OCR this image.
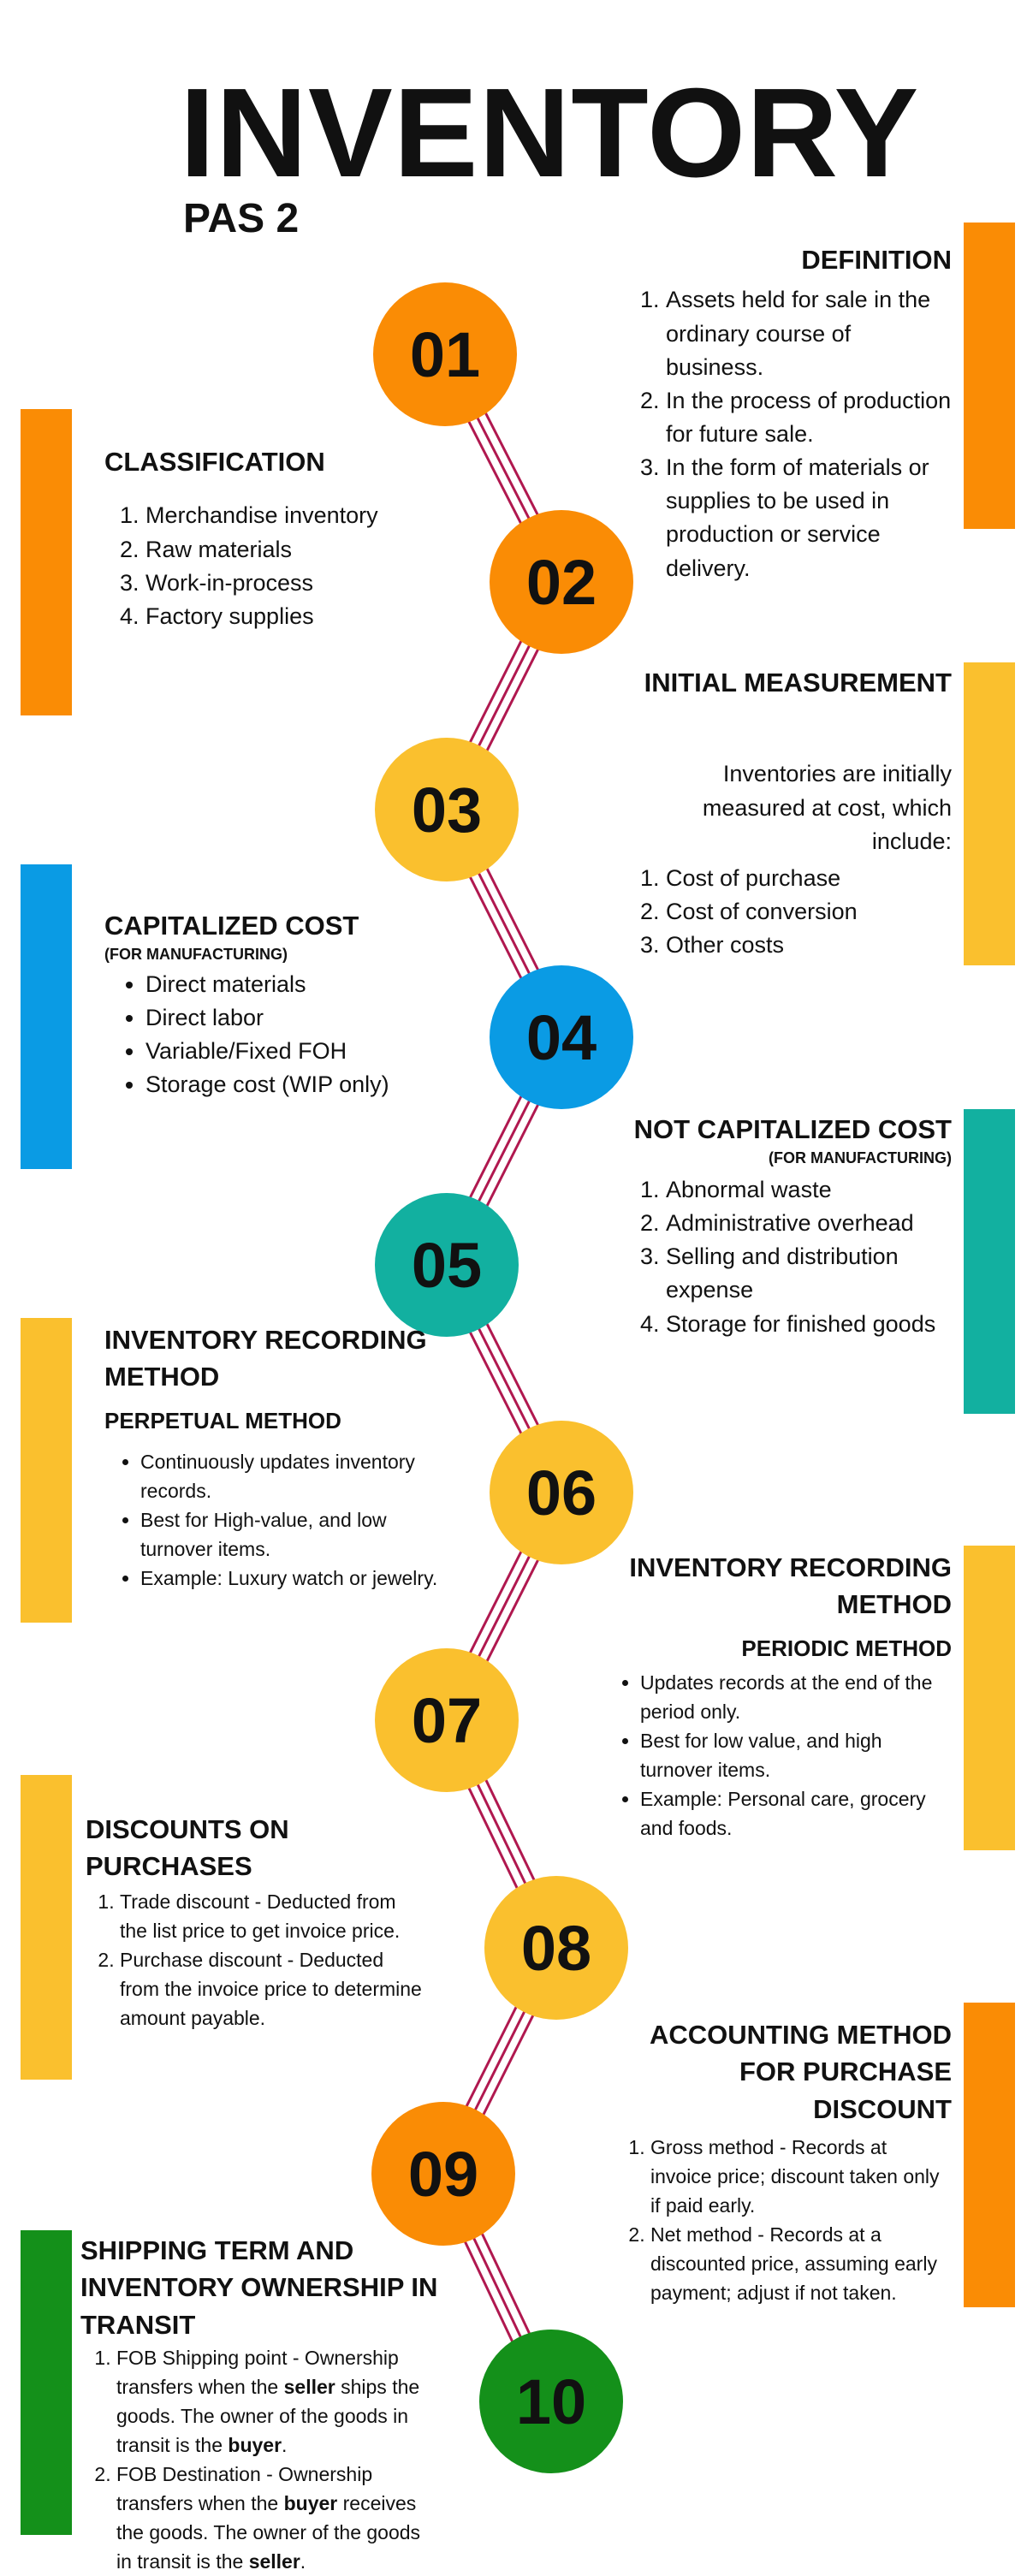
INVENTORY
PAS 2
01
02
03
04
05
06
07
08
09
10
DEFINITION
1. Assets held for sale in the ordinary course of business.
2. In the process of production for future sale.
3. In the form of materials or supplies to be used in production or service delivery.
CLASSIFICATION
1. Merchandise inventory
2. Raw materials
3. Work-in-process
4. Factory supplies
INITIAL MEASUREMENT
Inventories are initially measured at cost, which include:
1. Cost of purchase
2. Cost of conversion
3. Other costs
CAPITALIZED COST
(FOR MANUFACTURING)
• Direct materials
• Direct labor
• Variable/Fixed FOH
• Storage cost (WIP only)
NOT CAPITALIZED COST
(FOR MANUFACTURING)
1. Abnormal waste
2. Administrative overhead
3. Selling and distribution expense
4. Storage for finished goods
INVENTORY RECORDING METHOD
PERPETUAL METHOD
• Continuously updates inventory records.
• Best for High-value, and low turnover items.
• Example: Luxury watch or jewelry.	INVENTORY RECORDING METHOD
PERIODIC METHOD
• Updates records at the end of the period only.
• Best for low value, and high turnover items.
• Example: Personal care, grocery and foods.
DISCOUNTS ON PURCHASES
1. Trade discount - Deducted from the list price to get invoice price.
2. Purchase discount - Deducted from the invoice price to determine amount payable.
ACCOUNTING METHOD FOR PURCHASE DISCOUNT
1. Gross method - Records at invoice price; discount taken only if paid early.
2. Net method - Records at a discounted price, assuming early payment; adjust if not taken.
SHIPPING TERM AND INVENTORY OWNERSHIP IN TRANSIT
1. FOB Shipping point - Ownership transfers when the seller ships the goods. The owner of the goods in transit is the buyer.
2. FOB Destination - Ownership transfers when the buyer receives the goods. The owner of the goods in transit is the seller.
